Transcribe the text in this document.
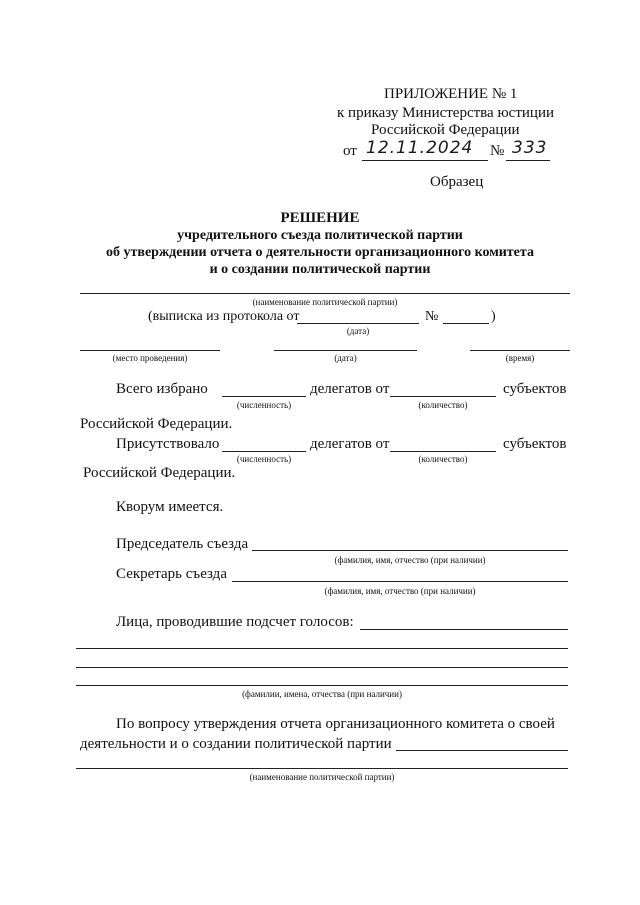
ПРИЛОЖЕНИЕ № 1
к приказу Министерства юстиции
Российской Федерации
от 12.11.2024 № 333
Образец
РЕШЕНИЕ
учредительного съезда политической партии
об утверждении отчета о деятельности организационного комитета
и о создании политической партии
(наименование политической партии)
(выписка из протокола от
(дата)
№	)
(место проведения)	(дата)	(время)
Всего избрано
(численность)
делегатов от
(количество)
субъектов
Российской Федерации.
Присутствовало
(численность)
делегатов от
(количество)
субъектов
Российской Федерации.
Кворум имеется.
Председатель съезда
(фамилия, имя, отчество (при наличии)
Секретарь съезда
(фамилия, имя, отчество (при наличии)
Лица, проводившие подсчет голосов:
(фамилии, имена, отчества (при наличии)
По вопросу утверждения отчета организационного комитета о своей
деятельности и о создании политической партии
(наименование политической партии)
